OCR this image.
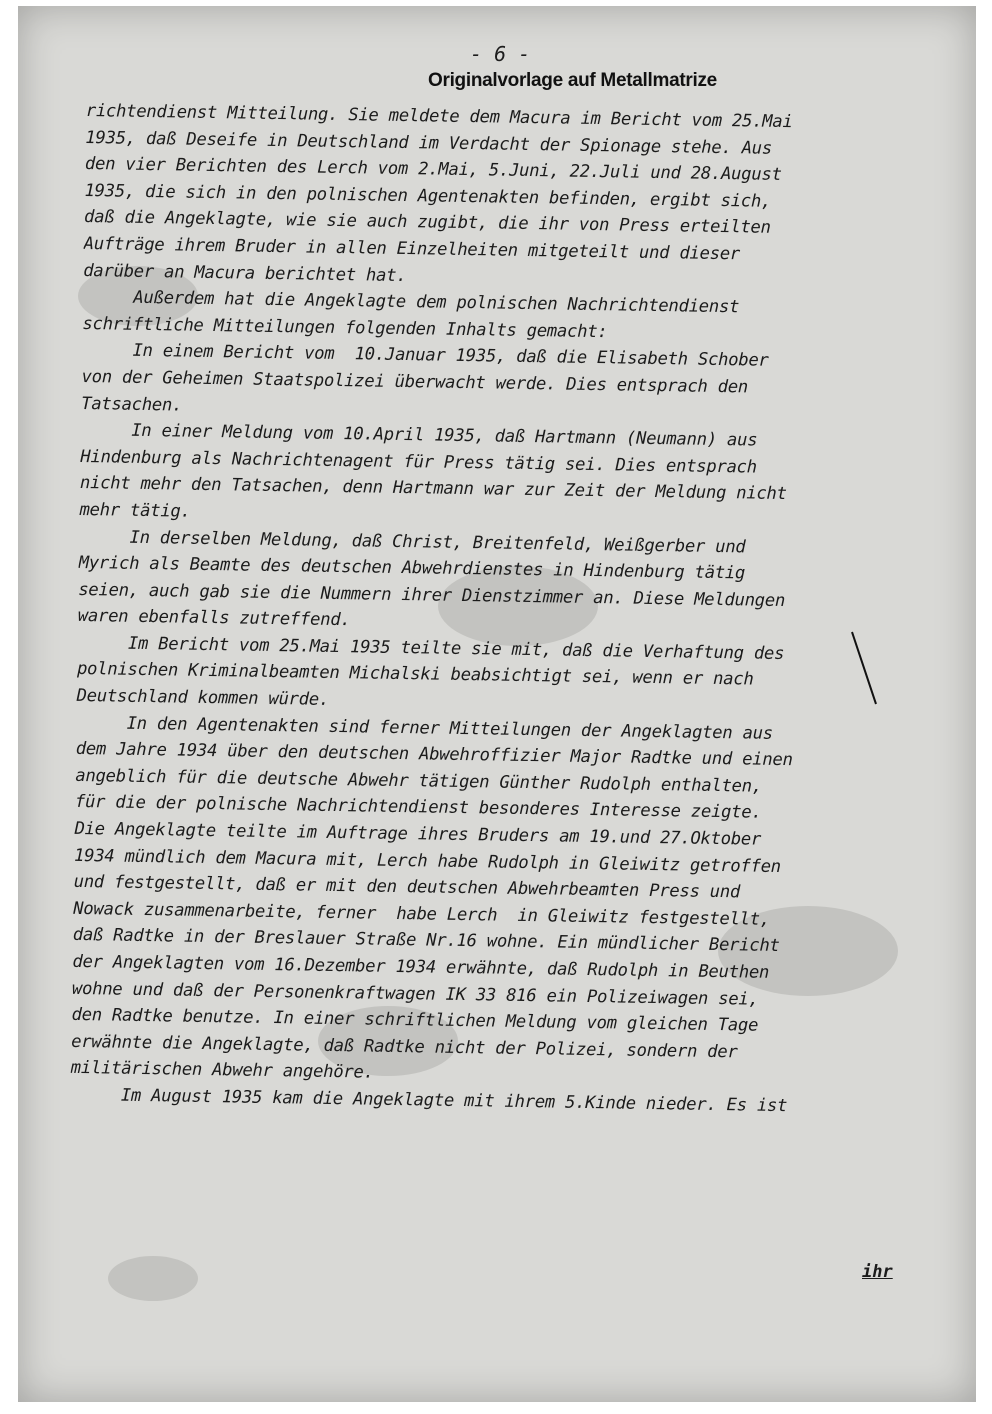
- 6 -
Originalvorlage auf Metallmatrize
richtendienst Mitteilung. Sie meldete dem Macura im Bericht vom 25.Mai
1935, daß Deseife in Deutschland im Verdacht der Spionage stehe. Aus
den vier Berichten des Lerch vom 2.Mai, 5.Juni, 22.Juli und 28.August
1935, die sich in den polnischen Agentenakten befinden, ergibt sich,
daß die Angeklagte, wie sie auch zugibt, die ihr von Press erteilten
Aufträge ihrem Bruder in allen Einzelheiten mitgeteilt und dieser
darüber an Macura berichtet hat.
Außerdem hat die Angeklagte dem polnischen Nachrichtendienst
schriftliche Mitteilungen folgenden Inhalts gemacht:
In einem Bericht vom  10.Januar 1935, daß die Elisabeth Schober
von der Geheimen Staatspolizei überwacht werde. Dies entsprach den
Tatsachen.
In einer Meldung vom 10.April 1935, daß Hartmann (Neumann) aus
Hindenburg als Nachrichtenagent für Press tätig sei. Dies entsprach
nicht mehr den Tatsachen, denn Hartmann war zur Zeit der Meldung nicht
mehr tätig.
In derselben Meldung, daß Christ, Breitenfeld, Weißgerber und
Myrich als Beamte des deutschen Abwehrdienstes in Hindenburg tätig
seien, auch gab sie die Nummern ihrer Dienstzimmer an. Diese Meldungen
waren ebenfalls zutreffend.
Im Bericht vom 25.Mai 1935 teilte sie mit, daß die Verhaftung des
polnischen Kriminalbeamten Michalski beabsichtigt sei, wenn er nach
Deutschland kommen würde.
In den Agentenakten sind ferner Mitteilungen der Angeklagten aus
dem Jahre 1934 über den deutschen Abwehroffizier Major Radtke und einen
angeblich für die deutsche Abwehr tätigen Günther Rudolph enthalten,
für die der polnische Nachrichtendienst besonderes Interesse zeigte.
Die Angeklagte teilte im Auftrage ihres Bruders am 19.und 27.Oktober
1934 mündlich dem Macura mit, Lerch habe Rudolph in Gleiwitz getroffen
und festgestellt, daß er mit den deutschen Abwehrbeamten Press und
Nowack zusammenarbeite, ferner  habe Lerch  in Gleiwitz festgestellt,
daß Radtke in der Breslauer Straße Nr.16 wohne. Ein mündlicher Bericht
der Angeklagten vom 16.Dezember 1934 erwähnte, daß Rudolph in Beuthen
wohne und daß der Personenkraftwagen IK 33 816 ein Polizeiwagen sei,
den Radtke benutze. In einer schriftlichen Meldung vom gleichen Tage
erwähnte die Angeklagte, daß Radtke nicht der Polizei, sondern der
militärischen Abwehr angehöre.
Im August 1935 kam die Angeklagte mit ihrem 5.Kinde nieder. Es ist
ihr
